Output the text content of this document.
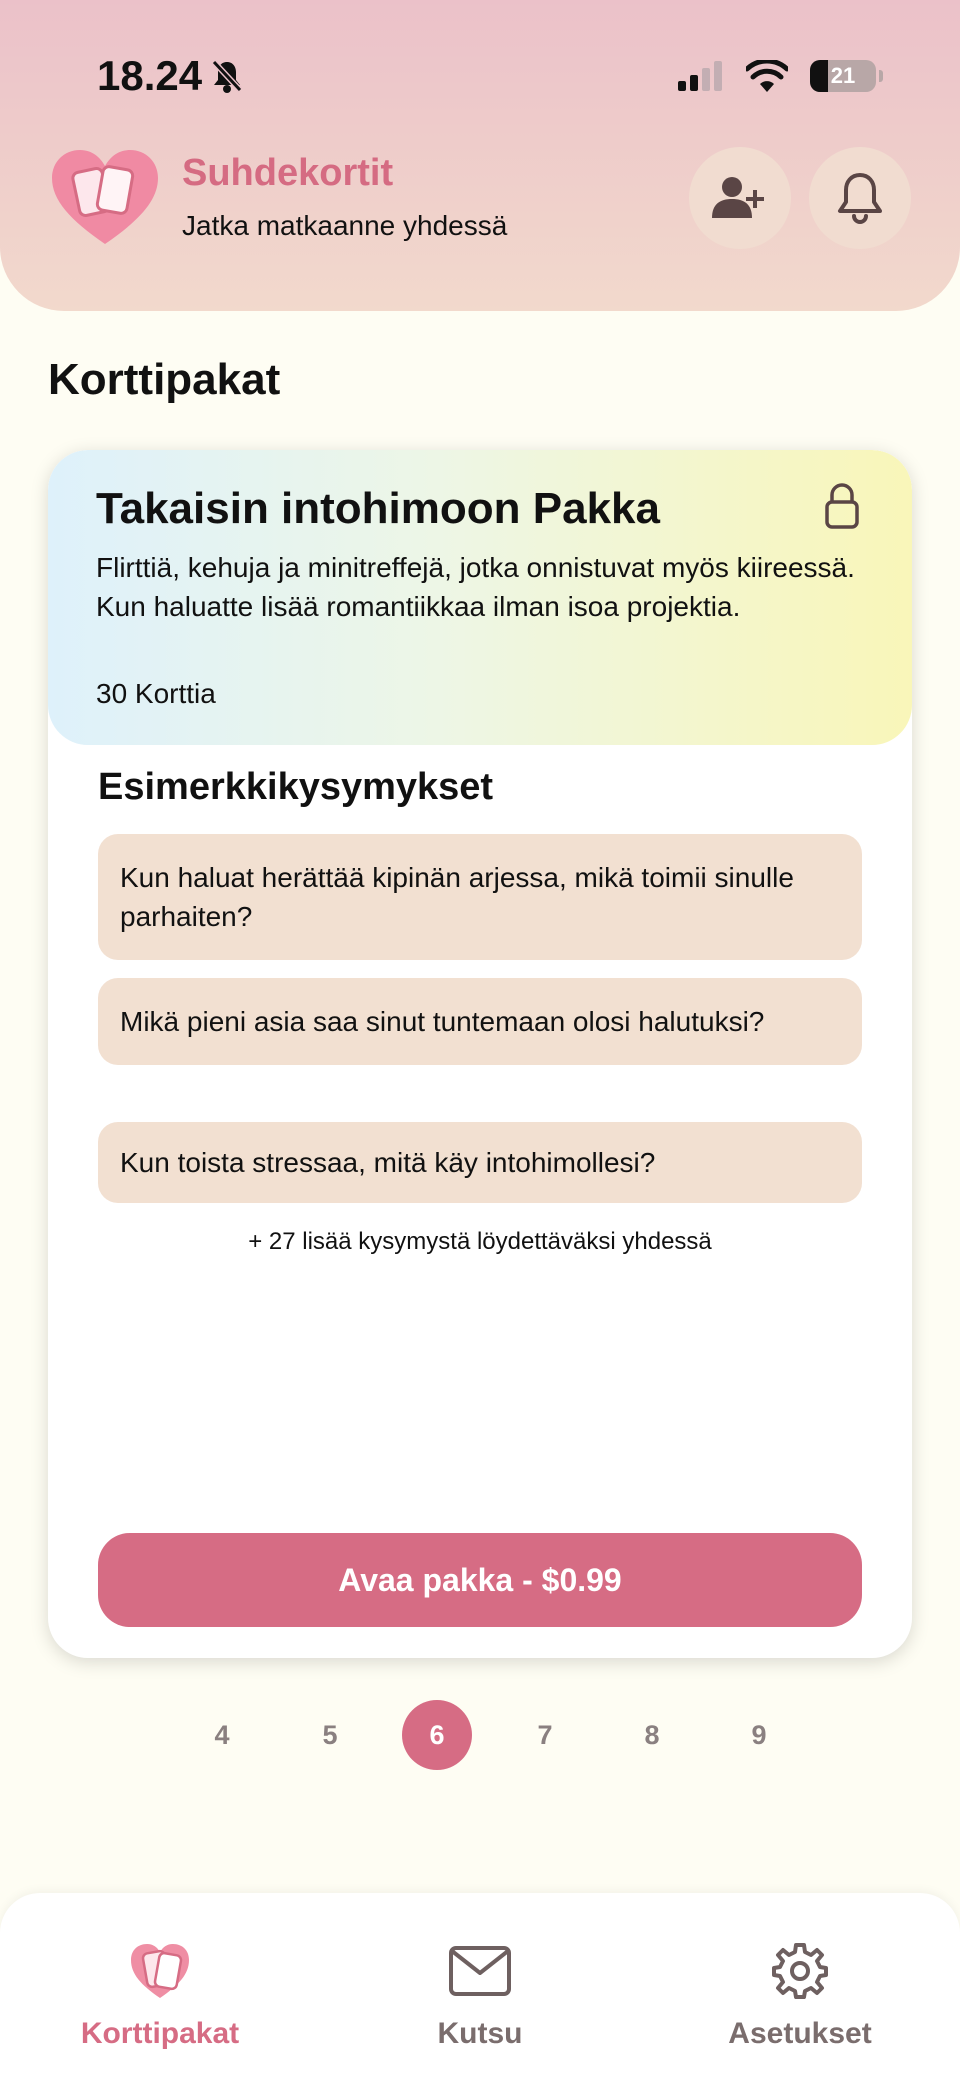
18.24	21
Suhdekortit
Jatka matkaanne yhdessä
Korttipakat
Takaisin intohimoon Pakka
Flirttiä, kehuja ja minitreffejä, jotka onnistuvat myös kiireessä. Kun haluatte lisää romantiikkaa ilman isoa projektia.
30 Korttia
Esimerkkikysymykset
Kun haluat herättää kipinän arjessa, mikä toimii sinulle parhaiten?
Mikä pieni asia saa sinut tuntemaan olosi halutuksi?
Kun toista stressaa, mitä käy intohimollesi?
+ 27 lisää kysymystä löydettäväksi yhdessä
Avaa pakka - $0.99
4	5	6	7	8	9
Korttipakat	Kutsu	Asetukset
